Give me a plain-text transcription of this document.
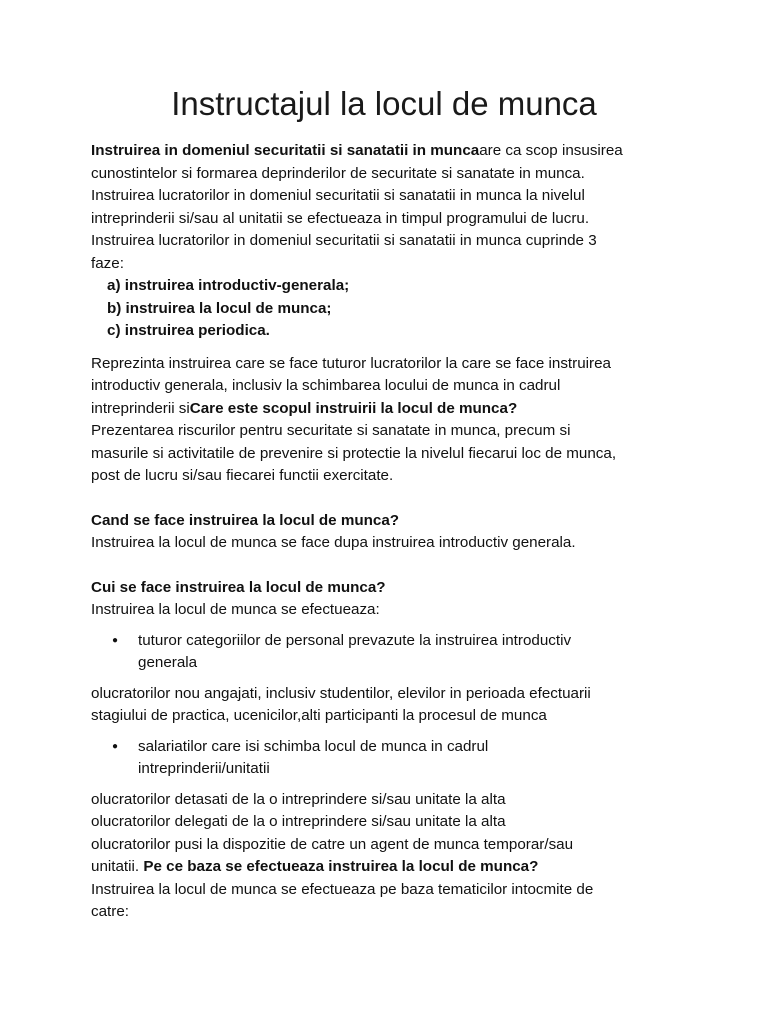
Instructajul la locul de munca

Instruirea in domeniul securitatii si sanatatii in muncaare ca scop insusirea
cunostintelor si formarea deprinderilor de securitate si sanatate in munca.
Instruirea lucratorilor in domeniul securitatii si sanatatii in munca la nivelul
intreprinderii si/sau al unitatii se efectueaza in timpul programului de lucru.
Instruirea lucratorilor in domeniul securitatii si sanatatii in munca cuprinde 3
faze:

a) instruirea introductiv-generala;
b) instruirea la locul de munca;
c) instruirea periodica.

Reprezinta instruirea care se face tuturor lucratorilor la care se face instruirea
introductiv generala, inclusiv la schimbarea locului de munca in cadrul
intreprinderii siCare este scopul instruirii la locul de munca?
Prezentarea riscurilor pentru securitate si sanatate in munca, precum si
masurile si activitatile de prevenire si protectie la nivelul fiecarui loc de munca,
post de lucru si/sau fiecarei functii exercitate.

Cand se face instruirea la locul de munca?
Instruirea la locul de munca se face dupa instruirea introductiv generala.

Cui se face instruirea la locul de munca?
Instruirea la locul de munca se efectueaza:

●	tuturor categoriilor de personal prevazute la instruirea introductiv
generala

olucratorilor nou angajati, inclusiv studentilor, elevilor in perioada efectuarii
stagiului de practica, ucenicilor,alti participanti la procesul de munca

●	salariatilor care isi schimba locul de munca in cadrul
intreprinderii/unitatii

olucratorilor detasati de la o intreprindere si/sau unitate la alta

olucratorilor delegati de la o intreprindere si/sau unitate la alta

olucratorilor pusi la dispozitie de catre un agent de munca temporar/sau
unitatii. Pe ce baza se efectueaza instruirea la locul de munca?

Instruirea la locul de munca se efectueaza pe baza tematicilor intocmite de
catre:
